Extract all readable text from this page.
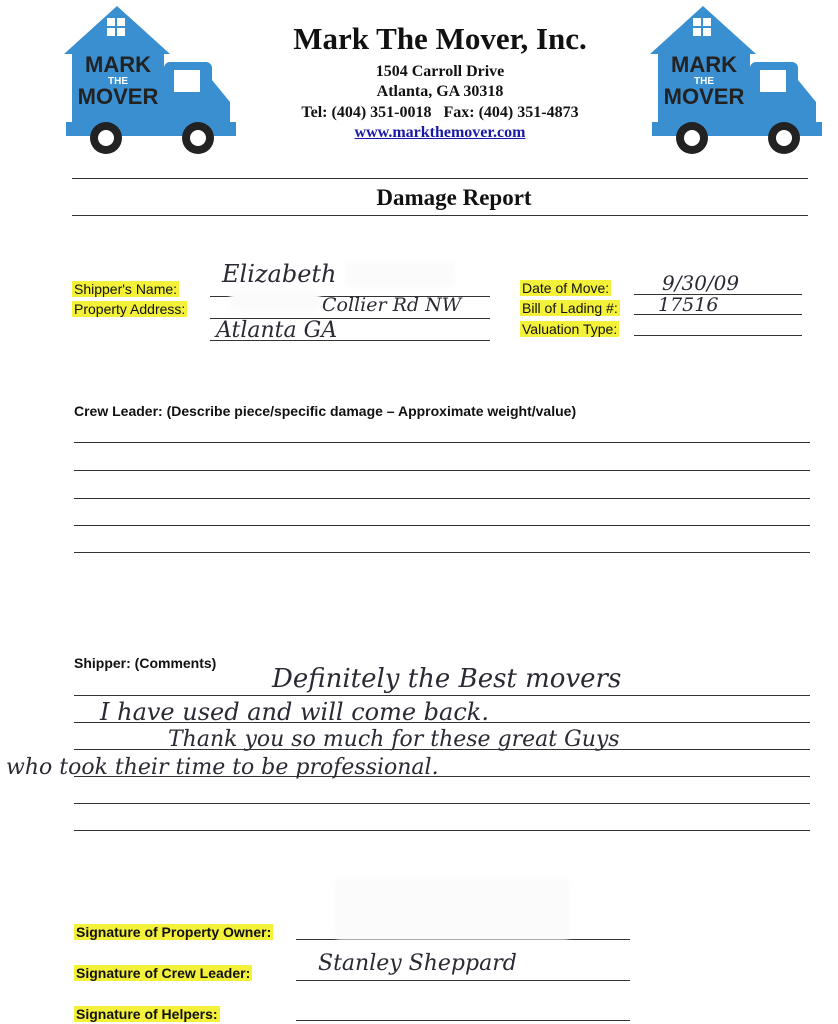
MARK
THE
MOVER
MARK
THE
MOVER
Mark The Mover, Inc.
1504 Carroll Drive
Atlanta, GA 30318
Tel: (404) 351-0018   Fax: (404) 351-4873
www.markthemover.com
Damage Report
Shipper's Name:
Property Address:
Elizabeth
Collier Rd NW
Atlanta GA
Date of Move:
Bill of Lading #:
Valuation Type:
9/30/09
17516
Crew Leader: (Describe piece/specific damage – Approximate weight/value)
Shipper: (Comments)
Definitely the Best movers
I have used and will come back.
Thank you so much for these great Guys
who took their time to be professional.
Signature of Property Owner:
Signature of Crew Leader:	Stanley Sheppard
Signature of Helpers:
